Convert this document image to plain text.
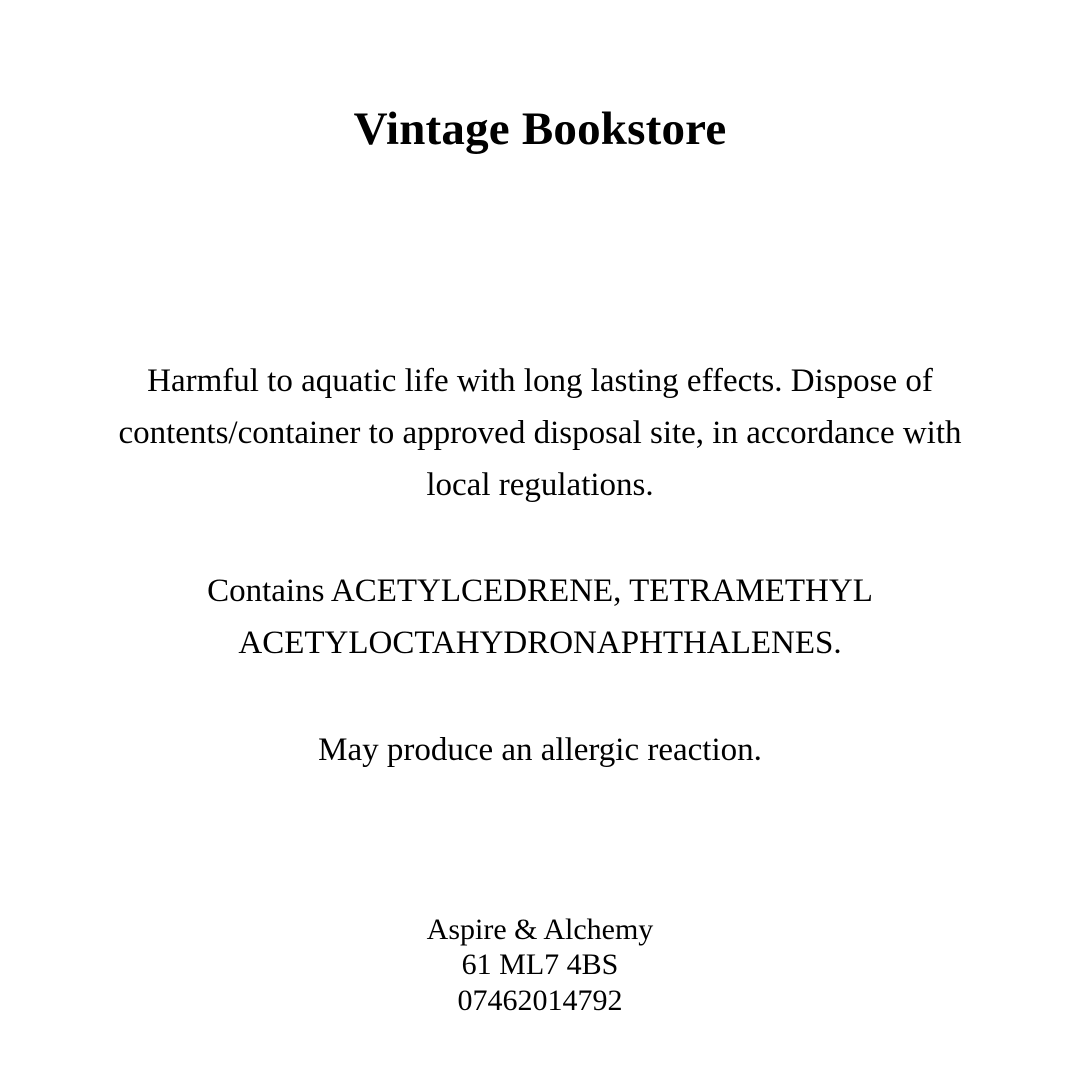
Vintage Bookstore
Harmful to aquatic life with long lasting effects. Dispose of contents/container to approved disposal site, in accordance with local regulations.
Contains ACETYLCEDRENE, TETRAMETHYL ACETYLOCTAHYDRONAPHTHALENES.
May produce an allergic reaction.
Aspire & Alchemy
61 ML7 4BS
07462014792
